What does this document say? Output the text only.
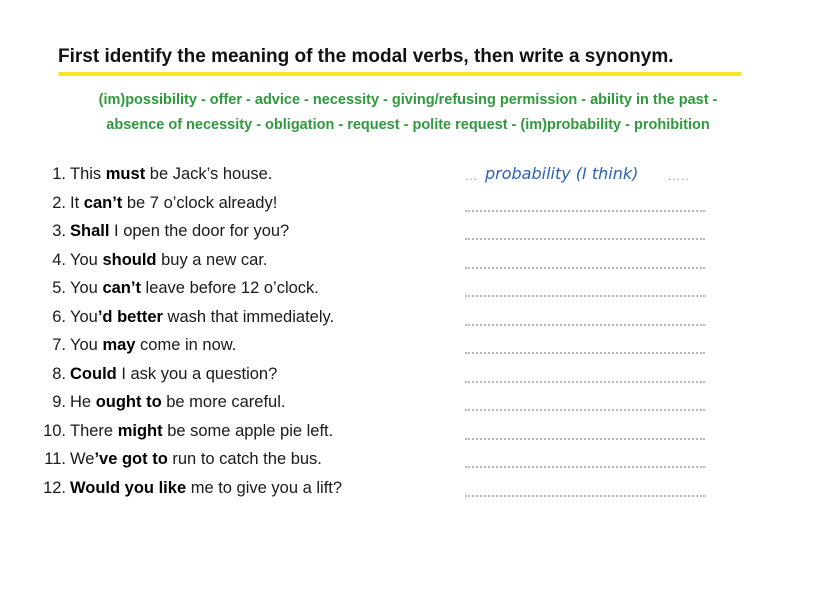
First identify the meaning of the modal verbs, then write a synonym.
(im)possibility - offer - advice - necessity - giving/refusing permission - ability in the past -
absence of necessity - obligation - request - polite request - (im)probability - prohibition
1. This must be Jack’s house.	... probability (I think) .....
2. It can’t be 7 o’clock already!
3. Shall I open the door for you?
4. You should buy a new car.
5. You can’t leave before 12 o’clock.
6. You’d better wash that immediately.
7. You may come in now.
8. Could I ask you a question?
9. He ought to be more careful.
10. There might be some apple pie left.
11. We’ve got to run to catch the bus.
12. Would you like me to give you a lift?
